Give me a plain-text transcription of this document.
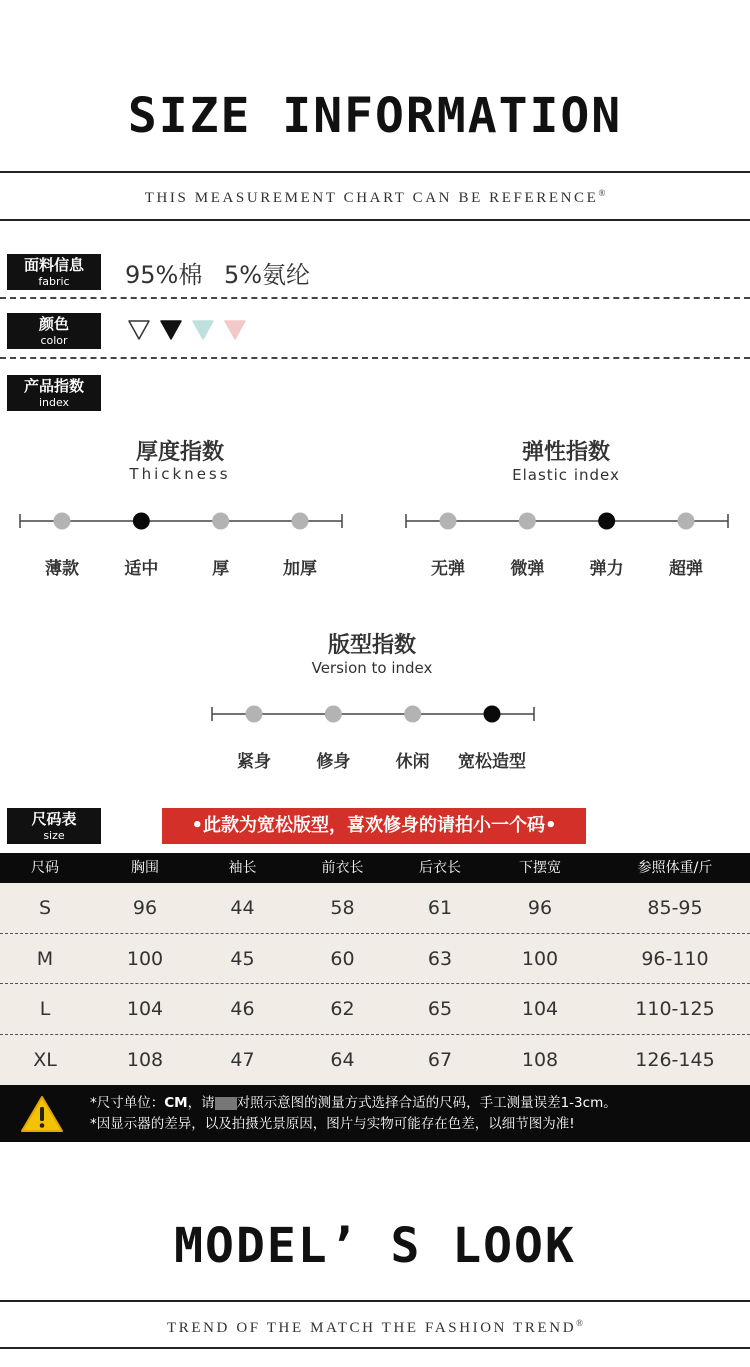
SIZE INFORMATION
THIS MEASUREMENT CHART CAN BE REFERENCE®
面料信息
fabric	95%棉 5%氨纶
颜色
color
产品指数
index
厚度指数
Thickness
薄款	适中	厚	加厚
弹性指数
Elastic index
无弹	微弹	弹力	超弹
版型指数
Version to index
紧身	修身	休闲	宽松造型
尺码表
size	•此款为宽松版型，喜欢修身的请拍小一个码•
尺码	胸围	袖长	前衣长	后衣长	下摆宽	参照体重/斤
S	96	44	58	61	96	85-95
M	100	45	60	63	100	96-110
L	104	46	62	65	104	110-125
XL	108	47	64	67	108	126-145
*尺寸单位：CM，请 对照示意图的测量方式选择合适的尺码，手工测量误差1-3cm。
*因显示器的差异，以及拍摄光景原因，图片与实物可能存在色差，以细节图为准!
MODEL’ S LOOK
TREND OF THE MATCH THE FASHION TREND®
